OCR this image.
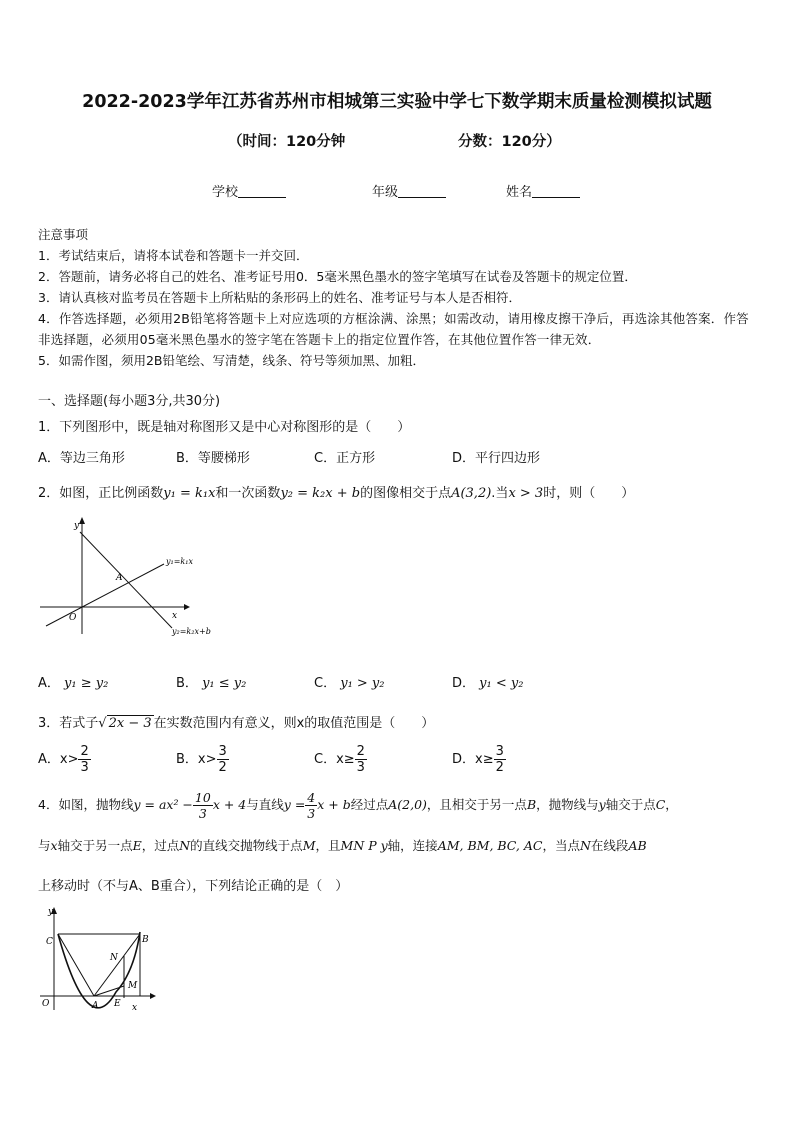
2022-2023学年江苏省苏州市相城第三实验中学七下数学期末质量检测模拟试题
（时间：120分钟	分数：120分）
学校	年级	姓名

注意事项

1．考试结束后，请将本试卷和答题卡一并交回．

2．答题前，请务必将自己的姓名、准考证号用0．5毫米黑色墨水的签字笔填写在试卷及答题卡的规定位置．

3．请认真核对监考员在答题卡上所粘贴的条形码上的姓名、准考证号与本人是否相符．

4．作答选择题，必须用2B铅笔将答题卡上对应选项的方框涂满、涂黑；如需改动，请用橡皮擦干净后，再选涂其他答案．作答非选择题，必须用05毫米黑色墨水的签字笔在答题卡上的指定位置作答，在其他位置作答一律无效．

5．如需作图，须用2B铅笔绘、写清楚，线条、符号等须加黑、加粗．

一、选择题(每小题3分,共30分)
1．下列图形中，既是轴对称图形又是中心对称图形的是（　　）
A．等边三角形	B．等腰梯形	C．正方形	D．平行四边形
2．如图，正比例函数y₁ = k₁x和一次函数y₂ = k₂x + b的图像相交于点A(3,2).当x > 3时，则（　　）
y
x
O
A
y₁=k₁x
y₂=k₂x+b
A． y₁ ≥ y₂	B． y₁ ≤ y₂	C． y₁ > y₂	D． y₁ < y₂
3．若式子√ 2x − 3 在实数范围内有意义，则x的取值范围是（　　）
A．$x> \frac{2}{3}$	B．$x> \frac{3}{2}$	C．$x\ge \frac{2}{3}$	D．$x\ge \frac{3}{2}$
4．如图，抛物线$y = ax^2 - \frac{10}{3}$ x + 4与直线$y = \frac{4}{3}$ x + b经过点A(2,0)，且相交于另一点B，抛物线与y轴交于点C，
与x轴交于另一点E，过点N的直线交抛物线于点M，且MN P y轴，连接AM, BM, BC, AC，当点N在线段AB
上移动时（不与A、B重合），下列结论正确的是（　）
y
x
O	A
B
C
E
M
N
